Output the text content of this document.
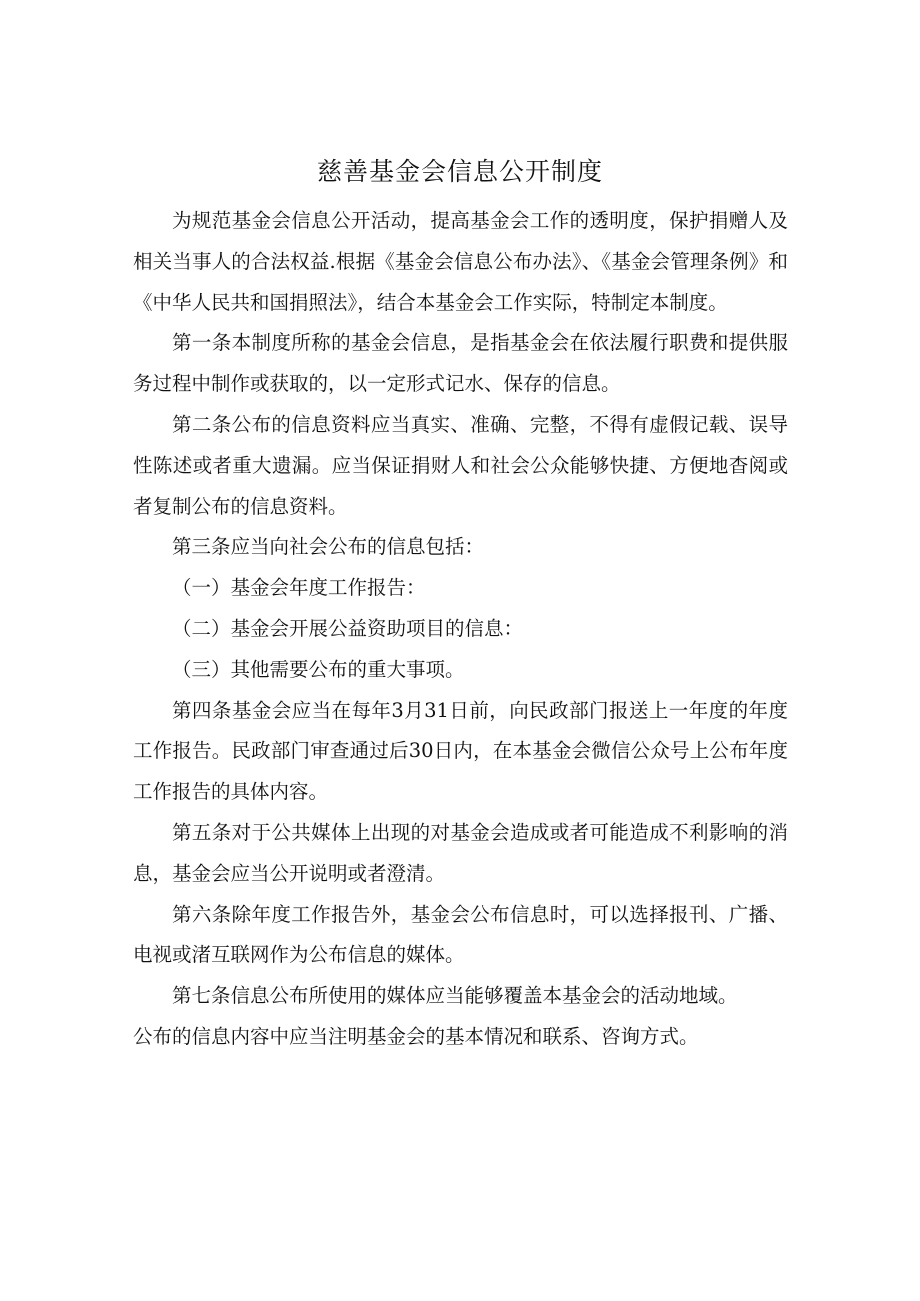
慈善基金会信息公开制度

为规范基金会信息公开活动，提高基金会工作的透明度，保护捐赠人及相关当事人的合法权益.根据《基金会信息公布办法》、《基金会管理条例》和《中华人民共和国捐照法》，结合本基金会工作实际，特制定本制度。

第一条本制度所称的基金会信息，是指基金会在依法履行职费和提供服务过程中制作或获取的，以一定形式记水、保存的信息。

第二条公布的信息资料应当真实、准确、完整，不得有虚假记载、误导性陈述或者重大遗漏。应当保证捐财人和社会公众能够快捷、方便地杳阅或者复制公布的信息资料。

第三条应当向社会公布的信息包括：

（一）基金会年度工作报告：

（二）基金会开展公益资助项目的信息：

（三）其他需要公布的重大事项。

第四条基金会应当在每年3月31日前，向民政部门报送上一年度的年度工作报告。民政部门审查通过后30日内，在本基金会微信公众号上公布年度工作报告的具体内容。

第五条对于公共媒体上出现的对基金会造成或者可能造成不利影响的消息，基金会应当公开说明或者澄清。

第六条除年度工作报告外，基金会公布信息时，可以选择报刊、广播、电视或渚互联网作为公布信息的媒体。

第七条信息公布所使用的媒体应当能够覆盖本基金会的活动地域。

公布的信息内容中应当注明基金会的基本情况和联系、咨询方式。
